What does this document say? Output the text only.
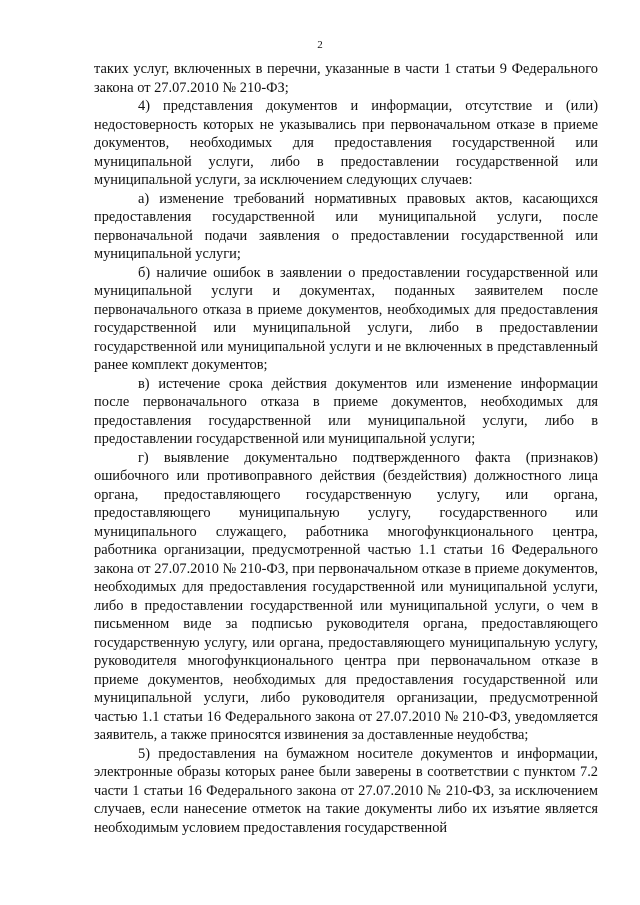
2

таких услуг, включенных в перечни, указанные в части 1 статьи 9 Федерального закона от 27.07.2010 № 210-ФЗ;

4) представления документов и информации, отсутствие и (или) недостоверность которых не указывались при первоначальном отказе в приеме документов, необходимых для предоставления государственной или муниципальной услуги, либо в предоставлении государственной или муниципальной услуги, за исключением следующих случаев:

а) изменение требований нормативных правовых актов, касающихся предоставления государственной или муниципальной услуги, после первоначальной подачи заявления о предоставлении государственной или муниципальной услуги;

б) наличие ошибок в заявлении о предоставлении государственной или муниципальной услуги и документах, поданных заявителем после первоначального отказа в приеме документов, необходимых для предоставления государственной или муниципальной услуги, либо в предоставлении государственной или муниципальной услуги и не включенных в представленный ранее комплект документов;

в) истечение срока действия документов или изменение информации после первоначального отказа в приеме документов, необходимых для предоставления государственной или муниципальной услуги, либо в предоставлении государственной или муниципальной услуги;

г) выявление документально подтвержденного факта (признаков) ошибочного или противоправного действия (бездействия) должностного лица органа, предоставляющего государственную услугу, или органа, предоставляющего муниципальную услугу, государственного или муниципального служащего, работника многофункционального центра, работника организации, предусмотренной частью 1.1 статьи 16 Федерального закона от 27.07.2010 № 210-ФЗ, при первоначальном отказе в приеме документов, необходимых для предоставления государственной или муниципальной услуги, либо в предоставлении государственной или муниципальной услуги, о чем в письменном виде за подписью руководителя органа, предоставляющего государственную услугу, или органа, предоставляющего муниципальную услугу, руководителя многофункционального центра при первоначальном отказе в приеме документов, необходимых для предоставления государственной или муниципальной услуги, либо руководителя организации, предусмотренной частью 1.1 статьи 16 Федерального закона от 27.07.2010 № 210-ФЗ, уведомляется заявитель, а также приносятся извинения за доставленные неудобства;

5) предоставления на бумажном носителе документов и информации, электронные образы которых ранее были заверены в соответствии с пунктом 7.2 части 1 статьи 16 Федерального закона от 27.07.2010 № 210-ФЗ, за исключением случаев, если нанесение отметок на такие документы либо их изъятие является необходимым условием предоставления государственной
